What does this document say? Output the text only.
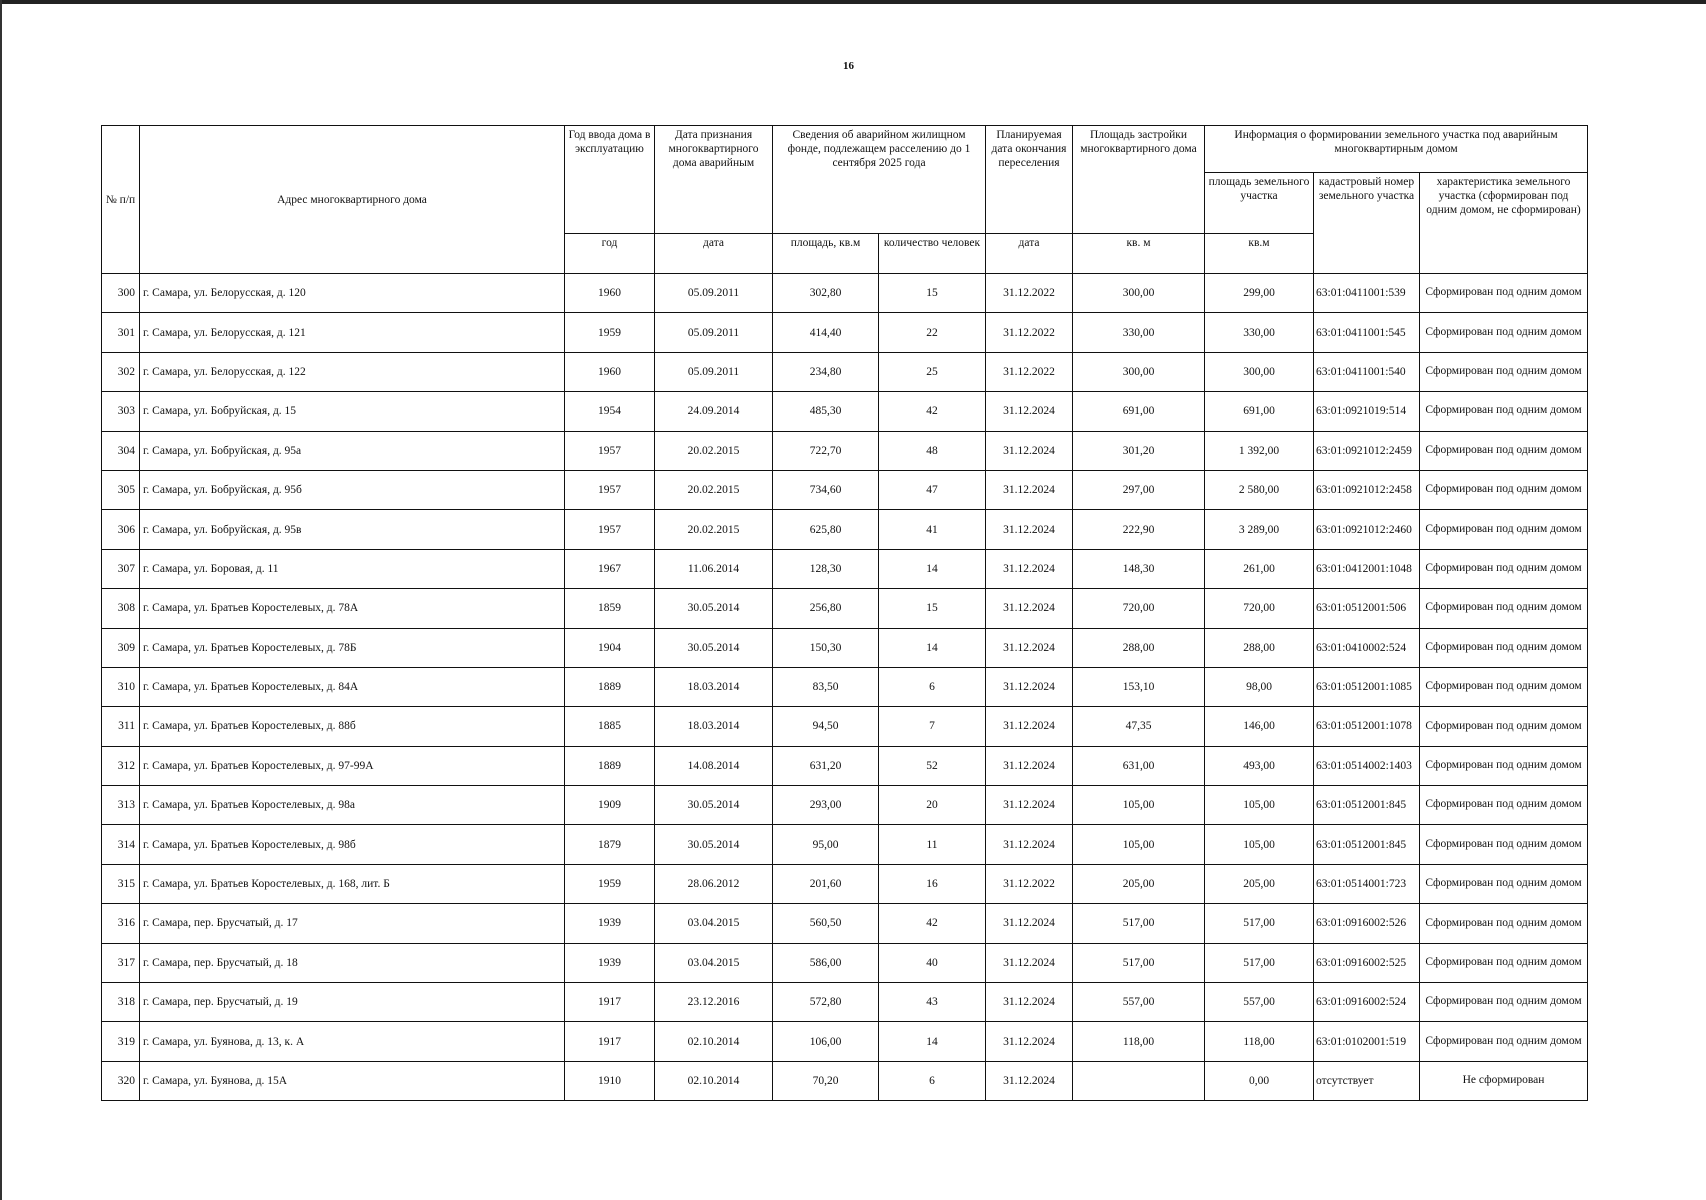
16
№ п/п	Адрес многоквартирного дома	Год ввода дома в эксплуатацию	Дата признания многоквартирного дома аварийным	Сведения об аварийном жилищном фонде, подлежащем расселению до 1 сентября 2025 года		Планируемая дата окончания переселения	Площадь застройки многоквартирного дома	Информация о формировании земельного участка под аварийным многоквартирным домом		
								площадь земельного участка	кадастровый номер земельного участка	характеристика земельного участка (сформирован под одним домом, не сформирован)
		год	дата	площадь, кв.м	количество человек	дата	кв. м	кв.м		
300	г. Самара, ул. Белорусская, д. 120	1960	05.09.2011	302,80	15	31.12.2022	300,00	299,00	63:01:0411001:539	Сформирован под одним домом
301	г. Самара, ул. Белорусская, д. 121	1959	05.09.2011	414,40	22	31.12.2022	330,00	330,00	63:01:0411001:545	Сформирован под одним домом
302	г. Самара, ул. Белорусская, д. 122	1960	05.09.2011	234,80	25	31.12.2022	300,00	300,00	63:01:0411001:540	Сформирован под одним домом
303	г. Самара, ул. Бобруйская, д. 15	1954	24.09.2014	485,30	42	31.12.2024	691,00	691,00	63:01:0921019:514	Сформирован под одним домом
304	г. Самара, ул. Бобруйская, д. 95а	1957	20.02.2015	722,70	48	31.12.2024	301,20	1 392,00	63:01:0921012:2459	Сформирован под одним домом
305	г. Самара, ул. Бобруйская, д. 95б	1957	20.02.2015	734,60	47	31.12.2024	297,00	2 580,00	63:01:0921012:2458	Сформирован под одним домом
306	г. Самара, ул. Бобруйская, д. 95в	1957	20.02.2015	625,80	41	31.12.2024	222,90	3 289,00	63:01:0921012:2460	Сформирован под одним домом
307	г. Самара, ул. Боровая, д. 11	1967	11.06.2014	128,30	14	31.12.2024	148,30	261,00	63:01:0412001:1048	Сформирован под одним домом
308	г. Самара, ул. Братьев Коростелевых, д. 78А	1859	30.05.2014	256,80	15	31.12.2024	720,00	720,00	63:01:0512001:506	Сформирован под одним домом
309	г. Самара, ул. Братьев Коростелевых, д. 78Б	1904	30.05.2014	150,30	14	31.12.2024	288,00	288,00	63:01:0410002:524	Сформирован под одним домом
310	г. Самара, ул. Братьев Коростелевых, д. 84А	1889	18.03.2014	83,50	6	31.12.2024	153,10	98,00	63:01:0512001:1085	Сформирован под одним домом
311	г. Самара, ул. Братьев Коростелевых, д. 88б	1885	18.03.2014	94,50	7	31.12.2024	47,35	146,00	63:01:0512001:1078	Сформирован под одним домом
312	г. Самара, ул. Братьев Коростелевых, д. 97-99А	1889	14.08.2014	631,20	52	31.12.2024	631,00	493,00	63:01:0514002:1403	Сформирован под одним домом
313	г. Самара, ул. Братьев Коростелевых, д. 98а	1909	30.05.2014	293,00	20	31.12.2024	105,00	105,00	63:01:0512001:845	Сформирован под одним домом
314	г. Самара, ул. Братьев Коростелевых, д. 98б	1879	30.05.2014	95,00	11	31.12.2024	105,00	105,00	63:01:0512001:845	Сформирован под одним домом
315	г. Самара, ул. Братьев Коростелевых, д. 168, лит. Б	1959	28.06.2012	201,60	16	31.12.2022	205,00	205,00	63:01:0514001:723	Сформирован под одним домом
316	г. Самара, пер. Брусчатый, д. 17	1939	03.04.2015	560,50	42	31.12.2024	517,00	517,00	63:01:0916002:526	Сформирован под одним домом
317	г. Самара, пер. Брусчатый, д. 18	1939	03.04.2015	586,00	40	31.12.2024	517,00	517,00	63:01:0916002:525	Сформирован под одним домом
318	г. Самара, пер. Брусчатый, д. 19	1917	23.12.2016	572,80	43	31.12.2024	557,00	557,00	63:01:0916002:524	Сформирован под одним домом
319	г. Самара, ул. Буянова, д. 13, к. А	1917	02.10.2014	106,00	14	31.12.2024	118,00	118,00	63:01:0102001:519	Сформирован под одним домом
320	г. Самара, ул. Буянова, д. 15А	1910	02.10.2014	70,20	6	31.12.2024		0,00	отсутствует	Не сформирован
